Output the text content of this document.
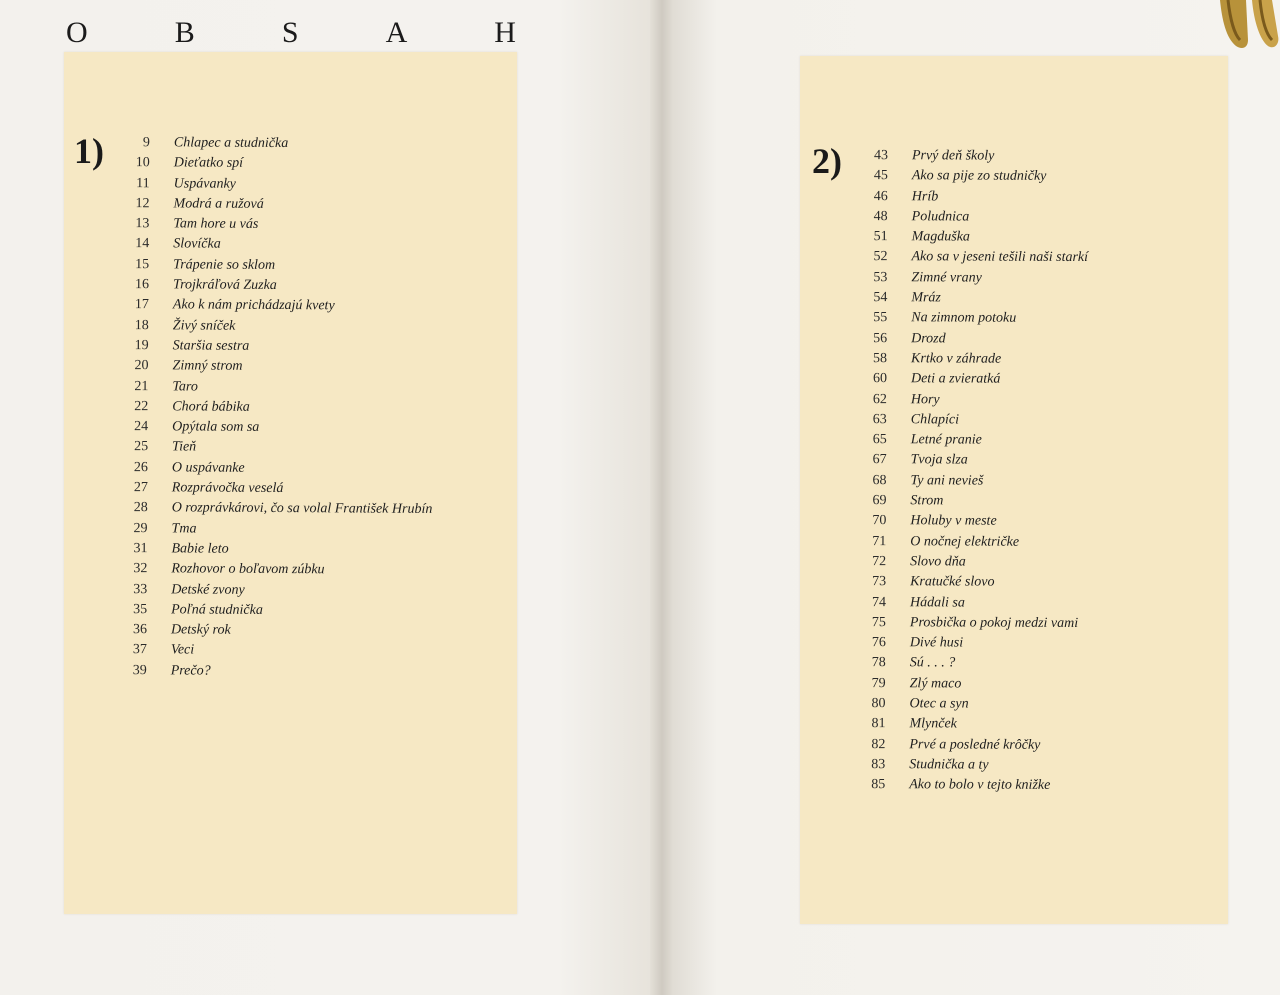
O	B	S	A	H
1)	2)
9 Chlapec a studnička
10 Dieťatko spí
11 Uspávanky
12 Modrá a ružová
13 Tam hore u vás
14 Slovíčka
15 Trápenie so sklom
16 Trojkráľová Zuzka
17 Ako k nám prichádzajú kvety
18 Živý sníček
19 Staršia sestra
20 Zimný strom
21 Taro
22 Chorá bábika
24 Opýtala som sa
25 Tieň
26 O uspávanke
27 Rozprávočka veselá
28 O rozprávkárovi, čo sa volal František Hrubín
29 Tma
31 Babie leto
32 Rozhovor o boľavom zúbku
33 Detské zvony
35 Poľná studnička
36 Detský rok
37 Veci
39 Prečo?
43 Prvý deň školy
45 Ako sa pije zo studničky
46 Hríb
48 Poludnica
51 Magduška
52 Ako sa v jeseni tešili naši starkí
53 Zimné vrany
54 Mráz
55 Na zimnom potoku
56 Drozd
58 Krtko v záhrade
60 Deti a zvieratká
62 Hory
63 Chlapíci
65 Letné pranie
67 Tvoja slza
68 Ty ani nevieš
69 Strom
70 Holuby v meste
71 O nočnej električke
72 Slovo dňa
73 Kratučké slovo
74 Hádali sa
75 Prosbička o pokoj medzi vami
76 Divé husi
78 Sú . . . ?
79 Zlý maco
80 Otec a syn
81 Mlynček
82 Prvé a posledné krôčky
83 Studnička a ty
85 Ako to bolo v tejto knižke
